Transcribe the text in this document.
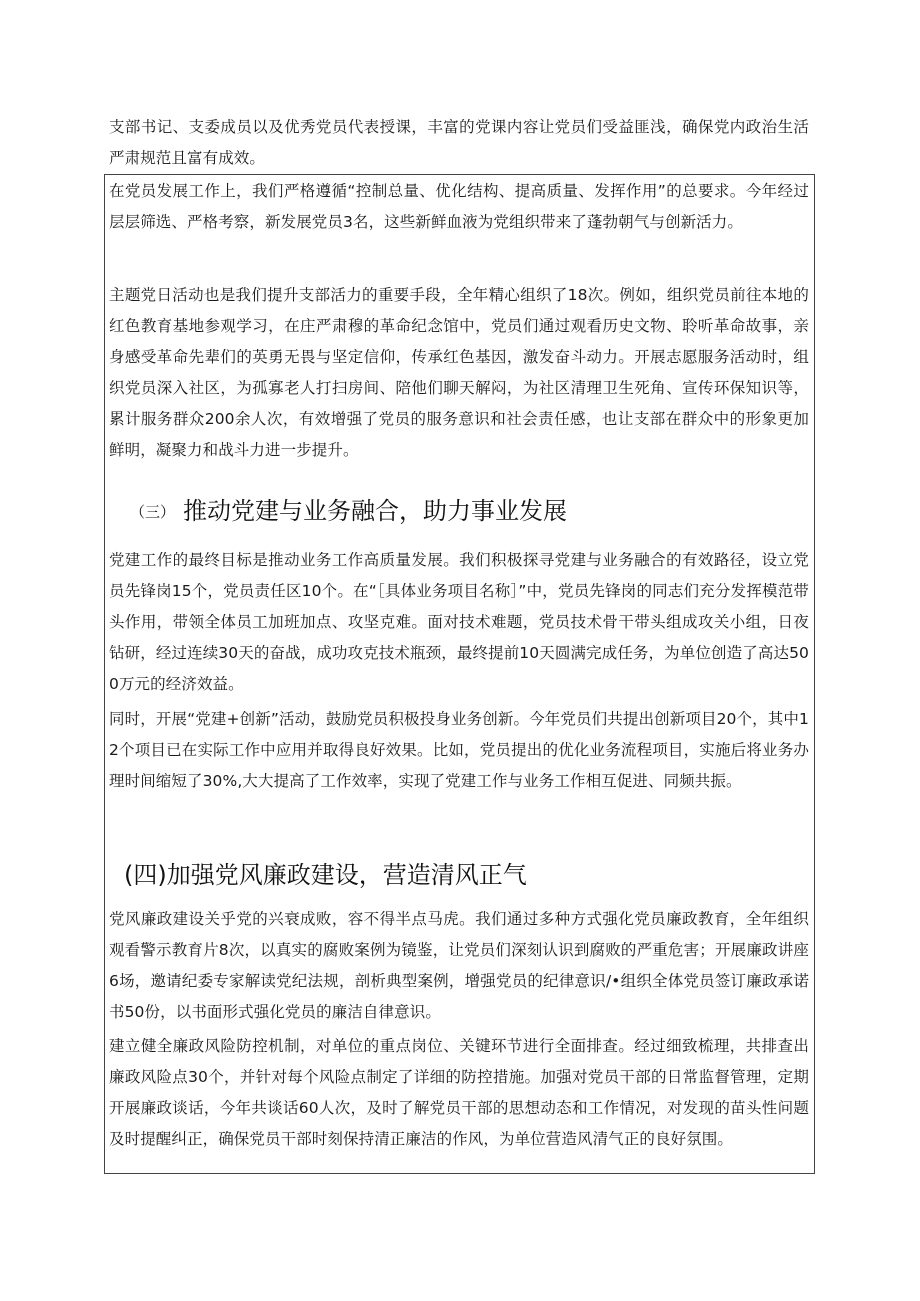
支部书记、支委成员以及优秀党员代表授课，丰富的党课内容让党员们受益匪浅，确保党内政治生活严肃规范且富有成效。

在党员发展工作上，我们严格遵循“控制总量、优化结构、提高质量、发挥作用”的总要求。今年经过层层筛选、严格考察，新发展党员3名，这些新鲜血液为党组织带来了蓬勃朝气与创新活力。

主题党日活动也是我们提升支部活力的重要手段，全年精心组织了18次。例如，组织党员前往本地的红色教育基地参观学习，在庄严肃穆的革命纪念馆中，党员们通过观看历史文物、聆听革命故事，亲身感受革命先辈们的英勇无畏与坚定信仰，传承红色基因，激发奋斗动力。开展志愿服务活动时，组织党员深入社区，为孤寡老人打扫房间、陪他们聊天解闷，为社区清理卫生死角、宣传环保知识等，累计服务群众200余人次，有效增强了党员的服务意识和社会责任感，也让支部在群众中的形象更加鲜明，凝聚力和战斗力进一步提升。

（三） 推动党建与业务融合，助力事业发展

党建工作的最终目标是推动业务工作高质量发展。我们积极探寻党建与业务融合的有效路径，设立党员先锋岗15个，党员责任区10个。在“［具体业务项目名称］”中，党员先锋岗的同志们充分发挥模范带头作用，带领全体员工加班加点、攻坚克难。面对技术难题，党员技术骨干带头组成攻关小组，日夜钻研，经过连续30天的奋战，成功攻克技术瓶颈，最终提前10天圆满完成任务，为单位创造了高达500万元的经济效益。

同时，开展“党建+创新”活动，鼓励党员积极投身业务创新。今年党员们共提出创新项目20个，其中12个项目已在实际工作中应用并取得良好效果。比如，党员提出的优化业务流程项目，实施后将业务办理时间缩短了30%,大大提高了工作效率，实现了党建工作与业务工作相互促进、同频共振。

(四)加强党风廉政建设，营造清风正气

党风廉政建设关乎党的兴衰成败，容不得半点马虎。我们通过多种方式强化党员廉政教育，全年组织观看警示教育片8次，以真实的腐败案例为镜鉴，让党员们深刻认识到腐败的严重危害；开展廉政讲座6场，邀请纪委专家解读党纪法规，剖析典型案例，增强党员的纪律意识/•组织全体党员签订廉政承诺书50份，以书面形式强化党员的廉洁自律意识。

建立健全廉政风险防控机制，对单位的重点岗位、关键环节进行全面排查。经过细致梳理，共排查出廉政风险点30个，并针对每个风险点制定了详细的防控措施。加强对党员干部的日常监督管理，定期开展廉政谈话，今年共谈话60人次，及时了解党员干部的思想动态和工作情况，对发现的苗头性问题及时提醒纠正，确保党员干部时刻保持清正廉洁的作风，为单位营造风清气正的良好氛围。
